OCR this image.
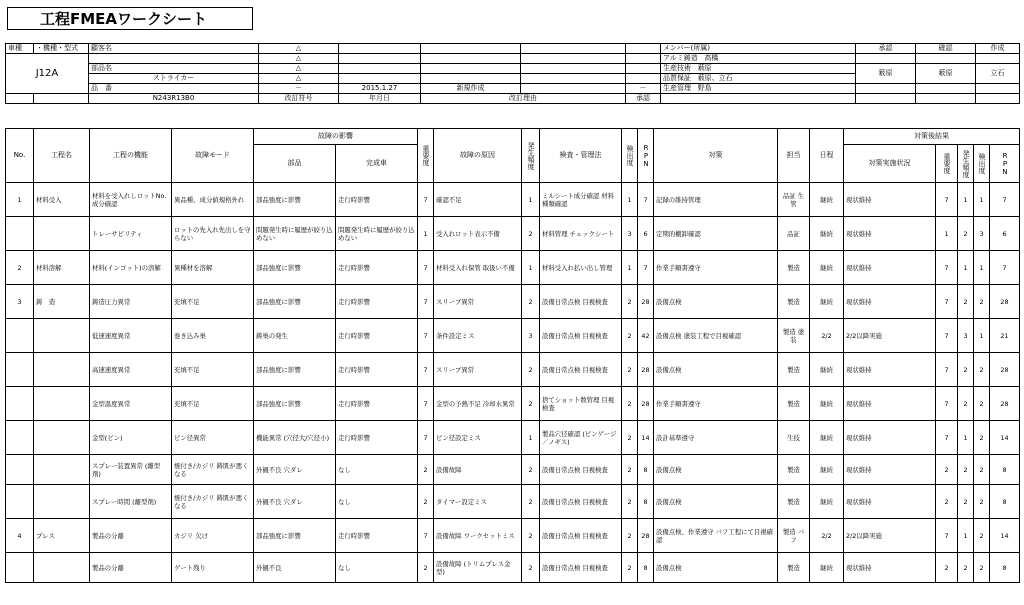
工程FMEAワークシート
車種	・機種・型式	顧客名	△					メンバー(所属)	承認	確認	作成
J12A			△					アルミ鋳造 高橋			
		部品名	△					生産技術 薮原	薮原	薮原	立石
		ストライカー	△					品質保証 薮原、立石			
		品　番	－	2015.1.27	新規作成		－	生産管理 野島			
		N243R13B0	改訂符号	年月日	改訂理由		承認				
No.	工程名	工程の機能	故障モード	故障の影響		重要度	故障の原因	発生頻度	検査・管理法	検出度	RPN	対策	担当	日程	対策後結果				
				部品	完成車										対策実施状況	重要度	発生頻度	検出度	RPN
1	材料受入	材料を受入れしロットNo.成分確認	異品種、成分値規格外れ	部品強度に影響	走行時影響	7	確認不足	1	ミルシート成分確認 材料種類確認	1	7	記録の維持管理	品証 生管	継続	現状維持	7	1	1	7
		トレーサビリティ	ロットの先入れ先出しを守らない	問題発生時に履歴が絞り込めない	問題発生時に履歴が絞り込めない	1	受入れロット表示不備	2	材料管理 チェックシート	3	6	定期的棚卸確認	品証	継続	現状維持	1	2	3	6
2	材料溶解	材料(インゴット)の溶解	異種材を溶解	部品強度に影響	走行時影響	7	材料受入れ保管 取扱い不備	1	材料受入れ払い出し管理	1	7	作業手順書遵守	製造	継続	現状維持	7	1	1	7
3	鋳　造	鋳造圧力異常	充填不足	部品強度に影響	走行時影響	7	スリーブ異常	2	設備日常点検 目視検査	2	28	設備点検	製造	継続	現状維持	7	2	2	28
		低速速度異常	巻き込み巣	鋳巣の発生	走行時影響	7	条件設定ミス	3	設備日常点検 目視検査	2	42	設備点検 塗装工程で目視確認	製造 塗装	2/2	2/2以降実施	7	3	1	21
		高速速度異常	充填不足	部品強度に影響	走行時影響	7	スリーブ異常	2	設備日常点検 目視検査	2	28	設備点検	製造	継続	現状維持	7	2	2	28
		金型温度異常	充填不足	部品強度に影響	走行時影響	7	金型の予熱不足 冷却水異常	2	捨てショット数管理 目視検査	2	28	作業手順書遵守	製造	継続	現状維持	7	2	2	28
		金型(ピン)	ピン径異常	機能異常 (穴径大/穴径小)	走行時影響	7	ピン径設定ミス	1	製品穴径確認 (ピンゲージ／ノギス)	2	14	設計基準遵守	生技	継続	現状維持	7	1	2	14
		スプレー装置異常 (離型剤)	焼付き/カジリ 鋳肌が悪くなる	外観不良 穴ダレ	なし	2	設備故障	2	設備日常点検 目視検査	2	8	設備点検	製造	継続	現状維持	2	2	2	8
		スプレー時間 (離型剤)	焼付き/カジリ 鋳肌が悪くなる	外観不良 穴ダレ	なし	2	タイマー設定ミス	2	設備日常点検 目視検査	2	8	設備点検	製造	継続	現状維持	2	2	2	8
4	プレス	製品の分離	カジリ 欠け	部品強度に影響	走行時影響	7	設備故障 ワークセットミス	2	設備日常点検 目視検査	2	28	設備点検、作業遵守 バフ工程にて目視確認	製造 バフ	2/2	2/2以降実施	7	1	2	14
		製品の分離	ゲート残り	外観不良	なし	2	設備故障 (トリムプレス金型)	2	設備日常点検 目視検査	2	8	設備点検	製造	継続	現状維持	2	2	2	8
